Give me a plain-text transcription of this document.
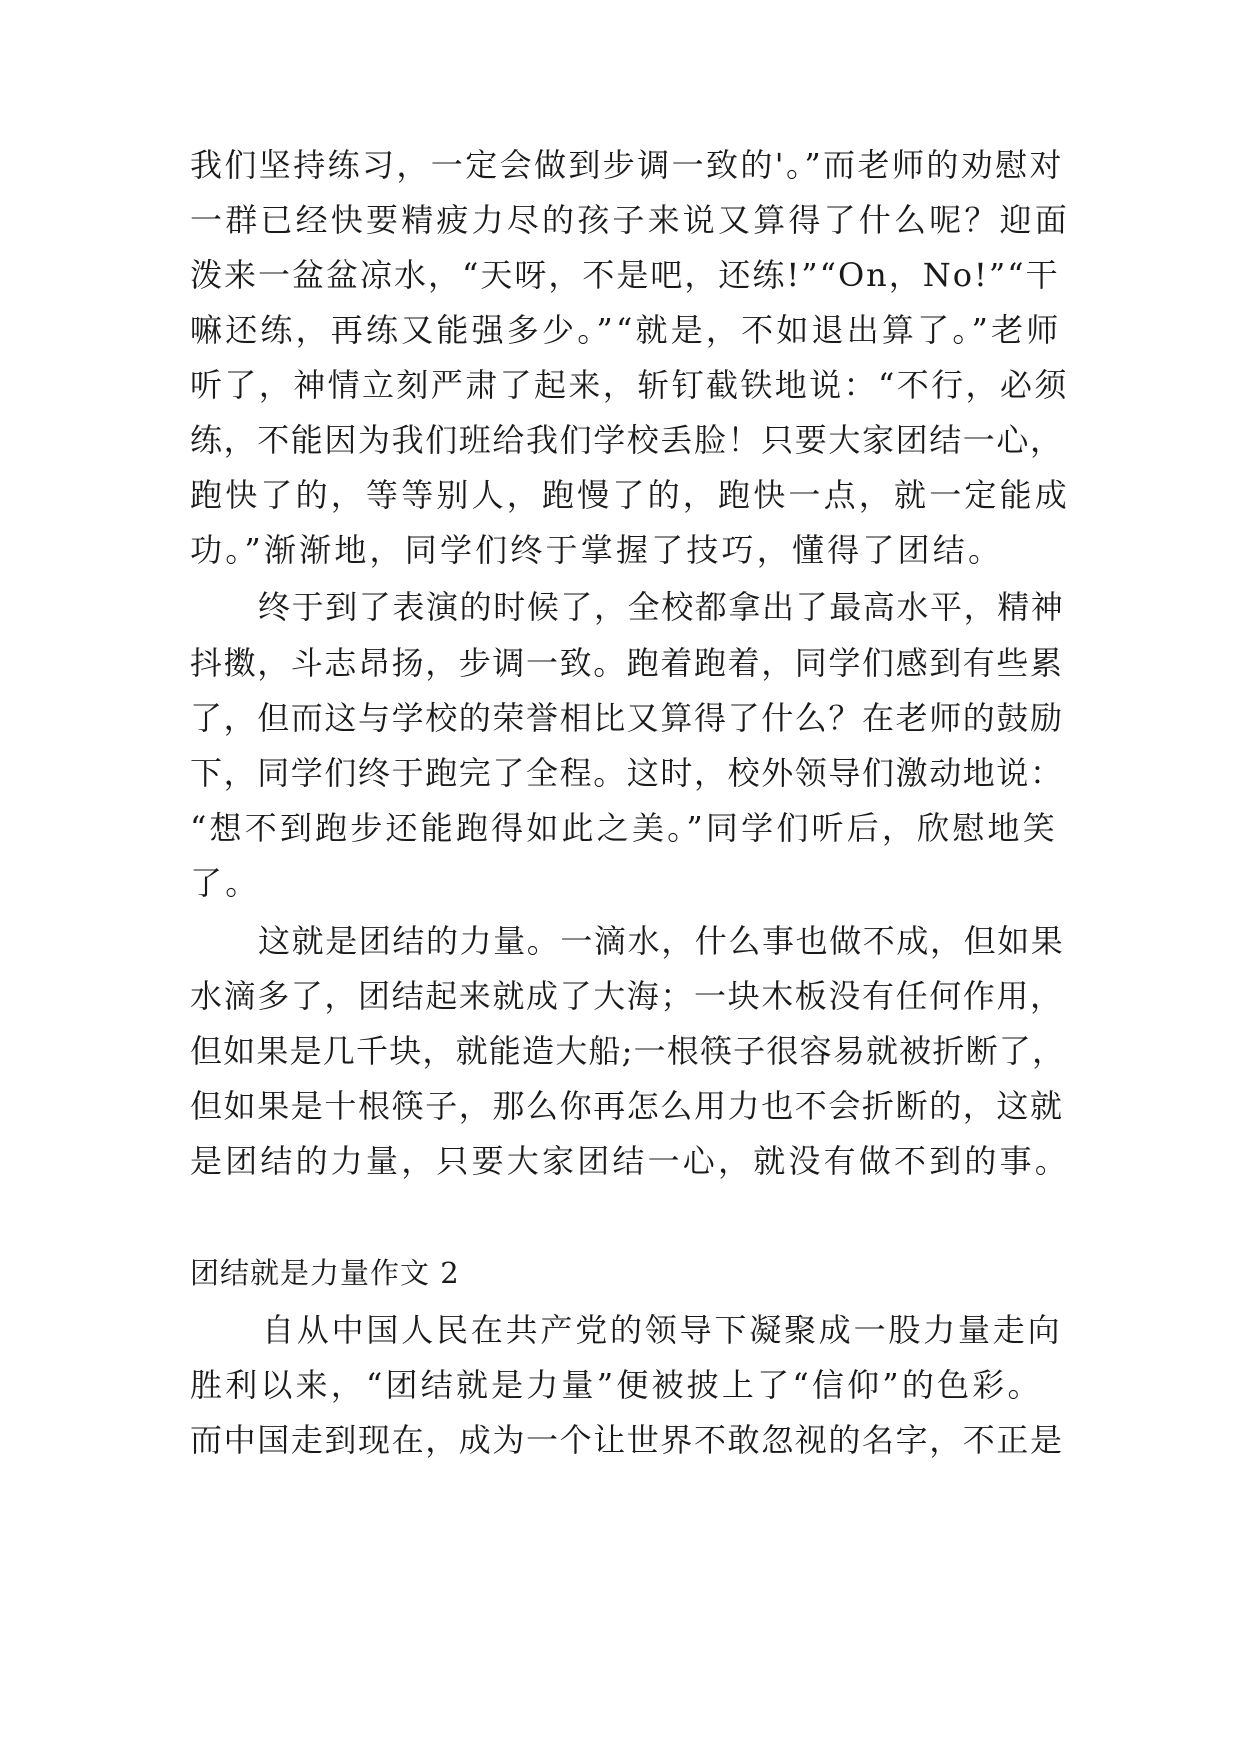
我们坚持练习，一定会做到步调一致的'。”而老师的劝慰对
一群已经快要精疲力尽的孩子来说又算得了什么呢？迎面
泼来一盆盆凉水，“天呀，不是吧，还练!”“On，No!”“干
嘛还练，再练又能强多少。”“就是，不如退出算了。”老师
听了，神情立刻严肃了起来，斩钉截铁地说：“不行，必须
练，不能因为我们班给我们学校丢脸！只要大家团结一心，
跑快了的，等等别人，跑慢了的，跑快一点，就一定能成
功。”渐渐地，同学们终于掌握了技巧，懂得了团结。
终于到了表演的时候了，全校都拿出了最高水平，精神
抖擞，斗志昂扬，步调一致。跑着跑着，同学们感到有些累
了，但而这与学校的荣誉相比又算得了什么？在老师的鼓励
下，同学们终于跑完了全程。这时，校外领导们激动地说：
“想不到跑步还能跑得如此之美。”同学们听后，欣慰地笑
了。
这就是团结的力量。一滴水，什么事也做不成，但如果
水滴多了，团结起来就成了大海；一块木板没有任何作用，
但如果是几千块，就能造大船;一根筷子很容易就被折断了，
但如果是十根筷子，那么你再怎么用力也不会折断的，这就
是团结的力量，只要大家团结一心，就没有做不到的事。
团结就是力量作文 2
自从中国人民在共产党的领导下凝聚成一股力量走向
胜利以来，“团结就是力量”便被披上了“信仰”的色彩。
而中国走到现在，成为一个让世界不敢忽视的名字，不正是
